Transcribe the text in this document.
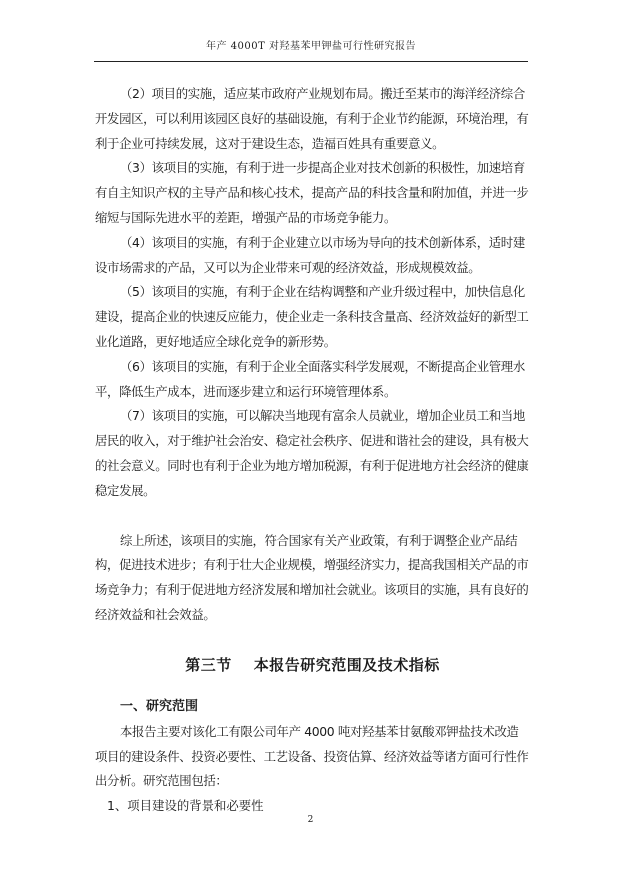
年产 4000T 对羟基苯甲钾盐可行性研究报告

（2）项目的实施，适应某市政府产业规划布局。搬迁至某市的海洋经济综合开发园区，可以利用该园区良好的基础设施，有利于企业节约能源，环境治理，有利于企业可持续发展，这对于建设生态，造福百姓具有重要意义。

（3）该项目的实施，有利于进一步提高企业对技术创新的积极性，加速培育有自主知识产权的主导产品和核心技术，提高产品的科技含量和附加值，并进一步缩短与国际先进水平的差距，增强产品的市场竞争能力。

（4）该项目的实施，有利于企业建立以市场为导向的技术创新体系，适时建设市场需求的产品，又可以为企业带来可观的经济效益，形成规模效益。

（5）该项目的实施，有利于企业在结构调整和产业升级过程中，加快信息化建设，提高企业的快速反应能力，使企业走一条科技含量高、经济效益好的新型工业化道路，更好地适应全球化竞争的新形势。

（6）该项目的实施，有利于企业全面落实科学发展观，不断提高企业管理水平，降低生产成本，进而逐步建立和运行环境管理体系。

（7）该项目的实施，可以解决当地现有富余人员就业，增加企业员工和当地居民的收入，对于维护社会治安、稳定社会秩序、促进和谐社会的建设，具有极大的社会意义。同时也有利于企业为地方增加税源，有利于促进地方社会经济的健康稳定发展。

综上所述，该项目的实施，符合国家有关产业政策，有利于调整企业产品结构，促进技术进步；有利于壮大企业规模，增强经济实力，提高我国相关产品的市场竞争力；有利于促进地方经济发展和增加社会就业。该项目的实施，具有良好的经济效益和社会效益。

第三节 本报告研究范围及技术指标
一、研究范围

本报告主要对该化工有限公司年产 4000 吨对羟基苯甘氨酸邓钾盐技术改造项目的建设条件、投资必要性、工艺设备、投资估算、经济效益等诸方面可行性作出分析。研究范围包括：

1、项目建设的背景和必要性

2
